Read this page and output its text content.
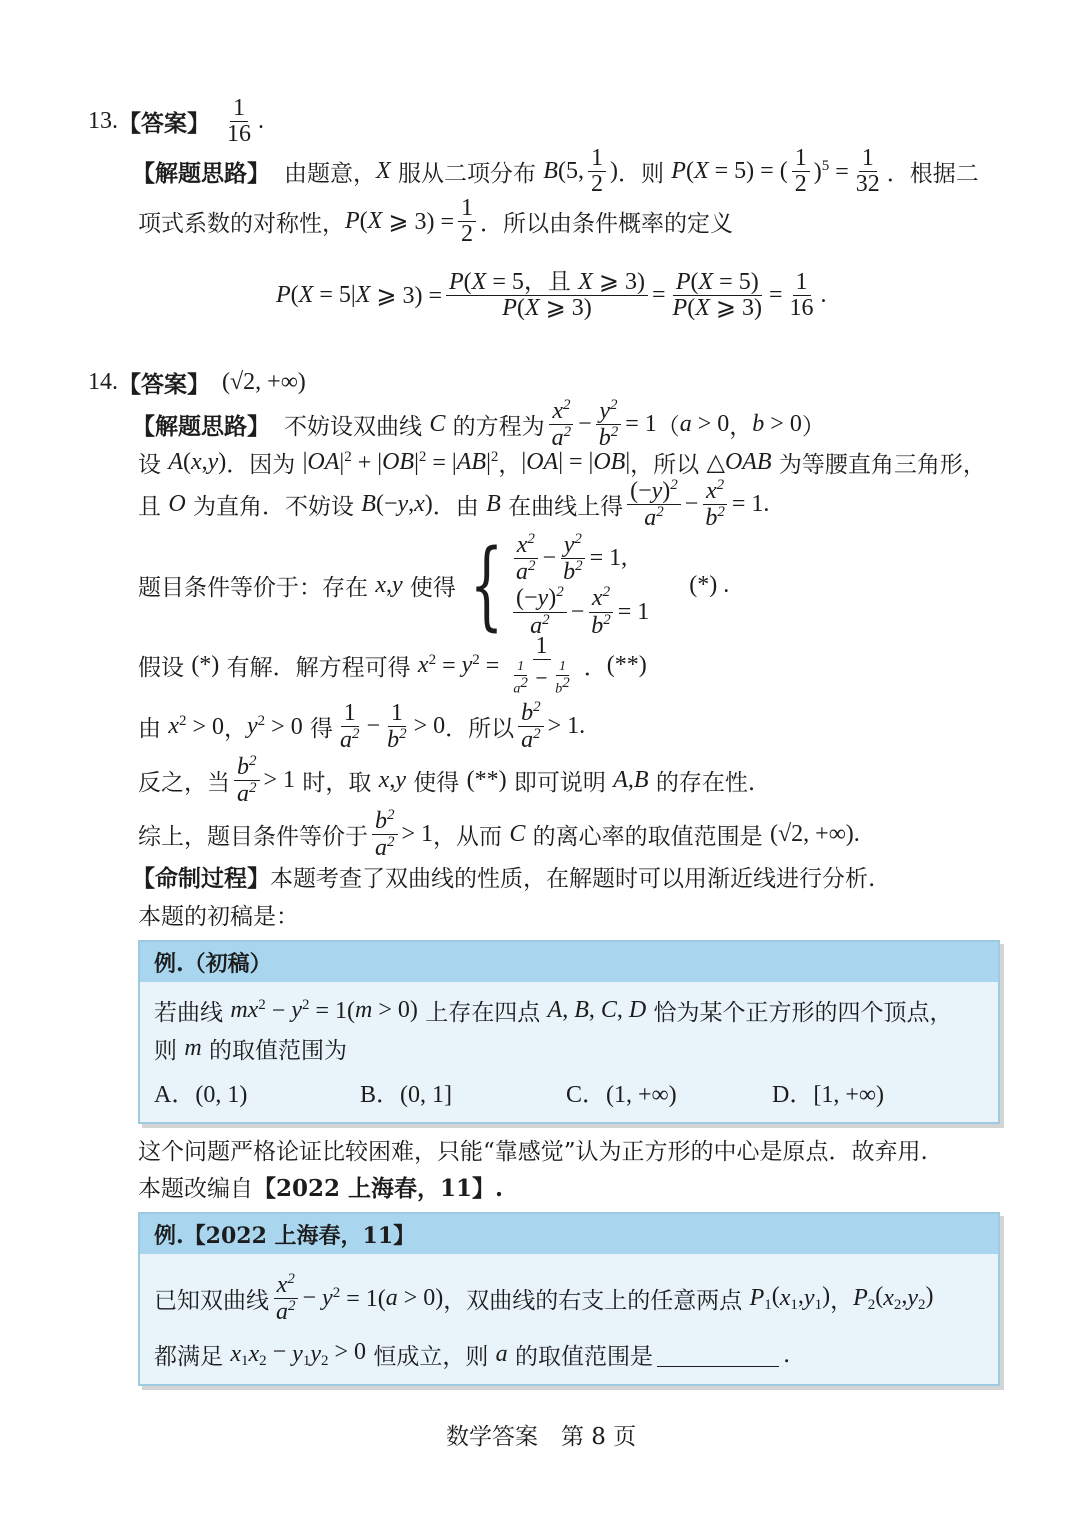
13. 【答案】 $\frac{1}{16}$ .
【解题思路】 由题意， X 服从二项分布 B (5, $\frac{1}{2}$ ) ．则 P ( X = 5) = ( $\frac{1}{2} )^5 = \frac{1}{32}$ ．根据二
项式系数的对称性， P ( X ⩾ $3) = \frac{1}{2}$ ．所以由条件概率的定义
P ( X = 5| X ⩾ $3) = \frac{\text{P(X = 5，且 X ⩾ 3)}}{P(X ⩾ 3)} = \frac{P(X = 5)}{P(X ⩾ 3)} = \frac{1}{16}$ .
14. 【答案】 (√2, +∞)
【解题思路】 不妨设双曲线 C 的方程为 $\frac{x^2}{a^2} - \frac{y^2}{b^2} = 1$ （ a > 0 ， b > 0 ）
设 A ( x , y ) ．因为 | OA $|^2$ + | OB $|^2$ = | AB $|^2$ ， | OA | = | OB | ，所以 △ OAB 为等腰直角三角形，
且 O 为直角．不妨设 B (− y , x ) ．由 B 在曲线上得 $\frac{(-y)^2}{a^2} - \frac{x^2}{b^2} = 1$.
题目条件等价于：存在 x , y 使得 { $\frac{x^2}{a^2} - \frac{y^2}{b^2} = 1$,
$\frac{(-y)^2}{a^2} - \frac{x^2}{b^2} = 1$
(*) .
假设 (*) 有解．解方程可得 x $^2$ = y $^2 = \frac{1}{\frac{1}{a^2} - \frac{1}{b^2}}$ ． (**)
由 x $^2$ > 0 ， y $^2$ > 0 得 $\frac{1}{a^2} - \frac{1}{b^2} > 0$ ．所以 $\frac{b^2}{a^2} > 1$.
反之，当 $\frac{b^2}{a^2} > 1$ 时，取 x , y 使得 (**) 即可说明 A , B 的存在性.
综上，题目条件等价于 $\frac{b^2}{a^2} > 1$ ，从而 C 的离心率的取值范围是 (√2, +∞).
【命制过程】 本题考查了双曲线的性质，在解题时可以用渐近线进行分析.
本题的初稿是：
例.（初稿）
若曲线 mx $^2$ − y $^2$ = 1( m > 0) 上存在四点 A , B , C , D 恰为某个正方形的四个顶点，
则 m 的取值范围为
A．(0, 1)	B．(0, 1]	C．(1, +∞)	D．[1, +∞)
这个问题严格论证比较困难，只能“靠感觉”认为正方形的中心是原点．故弃用.
本题改编自 【2022 上海春，11】.
例.【2022 上海春，11】
已知双曲线 $\frac{x^2}{a^2} - y$ $^2$ = 1( a > 0) ，双曲线的右支上的任意两点 P $_1$( x $_1$, y $_1$) ， P $_2$( x $_2$, y $_2$)
都满足 x $_1$ x $_2$ − y $_1$ y $_2$ > 0 恒成立，则 a 的取值范围是	.
数学答案　第 8 页
